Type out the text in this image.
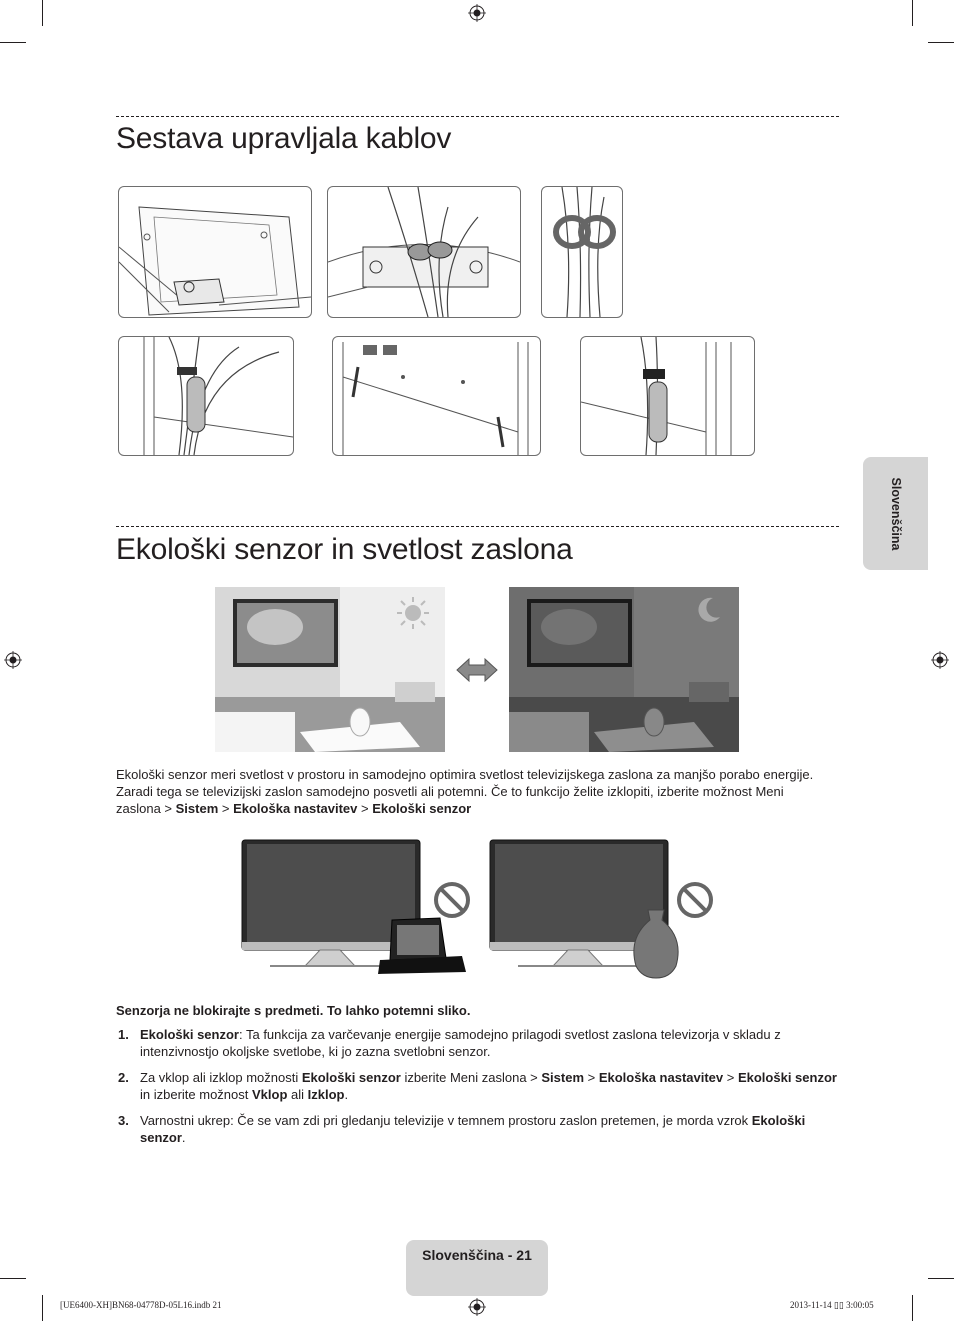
Sestava upravljala kablov
Ekološki senzor in svetlost zaslona

Ekološki senzor meri svetlost v prostoru in samodejno optimira svetlost televizijskega zaslona za manjšo porabo energije.
Zaradi tega se televizijski zaslon samodejno posvetli ali potemni. Če to funkcijo želite izklopiti, izberite možnost Meni
zaslona > Sistem > Ekološka nastavitev > Ekološki senzor

Senzorja ne blokirajte s predmeti. To lahko potemni sliko.

1. Ekološki senzor: Ta funkcija za varčevanje energije samodejno prilagodi svetlost zaslona televizorja v skladu z intenzivnostjo okoljske svetlobe, ki jo zazna svetlobni senzor.
2. Za vklop ali izklop možnosti Ekološki senzor izberite Meni zaslona > Sistem > Ekološka nastavitev > Ekološki senzor in izberite možnost Vklop ali Izklop.
3. Varnostni ukrep: Če se vam zdi pri gledanju televizije v temnem prostoru zaslon pretemen, je morda vzrok Ekološki senzor.
Slovenščina
Slovenščina - 21
[UE6400-XH]BN68-04778D-05L16.indb 21	2013-11-14 ▯▯ 3:00:05
